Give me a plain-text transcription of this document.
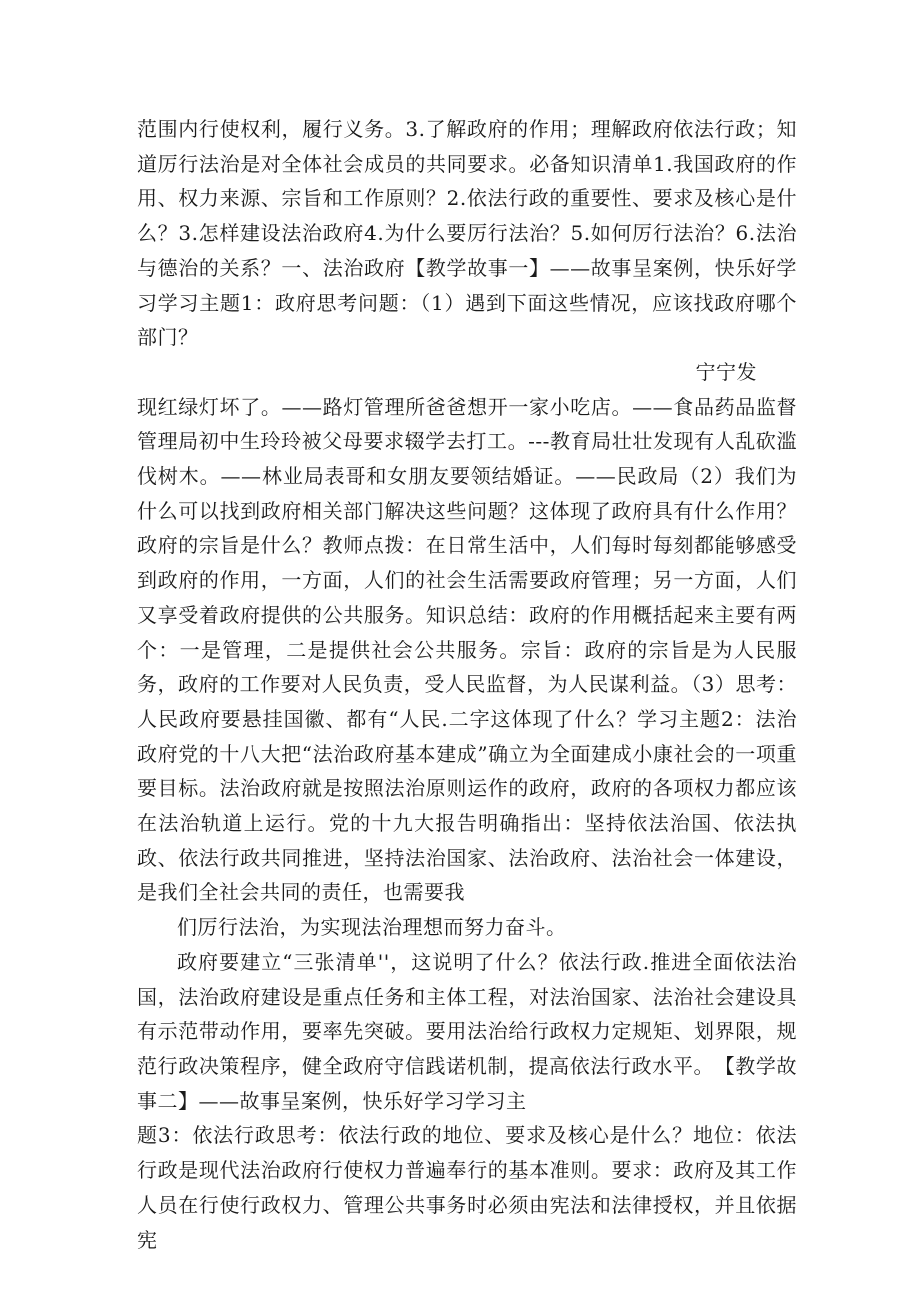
范围内行使权利，履行义务。3.了解政府的作用；理解政府依法行政；知道厉行法治是对全体社会成员的共同要求。必备知识清单1.我国政府的作用、权力来源、宗旨和工作原则？2.依法行政的重要性、要求及核心是什么？3.怎样建设法治政府4.为什么要厉行法治？5.如何厉行法治？6.法治与德治的关系？一、法治政府【教学故事一】——故事呈案例，快乐好学习学习主题1：政府思考问题：（1）遇到下面这些情况，应该找政府哪个部门？

宁宁发

现红绿灯坏了。——路灯管理所爸爸想开一家小吃店。——食品药品监督管理局初中生玲玲被父母要求辍学去打工。---教育局壮壮发现有人乱砍滥伐树木。——林业局表哥和女朋友要领结婚证。——民政局（2）我们为什么可以找到政府相关部门解决这些问题？这体现了政府具有什么作用？政府的宗旨是什么？教师点拨：在日常生活中，人们每时每刻都能够感受到政府的作用，一方面，人们的社会生活需要政府管理；另一方面，人们又享受着政府提供的公共服务。知识总结：政府的作用概括起来主要有两个：一是管理，二是提供社会公共服务。宗旨：政府的宗旨是为人民服务，政府的工作要对人民负责，受人民监督，为人民谋利益。（3）思考：人民政府要悬挂国徽、都有“人民.二字这体现了什么？学习主题2：法治政府党的十八大把“法治政府基本建成”确立为全面建成小康社会的一项重要目标。法治政府就是按照法治原则运作的政府，政府的各项权力都应该在法治轨道上运行。党的十九大报告明确指出：坚持依法治国、依法执政、依法行政共同推进，坚持法治国家、法治政府、法治社会一体建设，是我们全社会共同的责任，也需要我

们厉行法治，为实现法治理想而努力奋斗。

政府要建立“三张清单''，这说明了什么？依法行政.推进全面依法治国，法治政府建设是重点任务和主体工程，对法治国家、法治社会建设具有示范带动作用，要率先突破。要用法治给行政权力定规矩、划界限，规范行政决策程序，健全政府守信践诺机制，提高依法行政水平。　【教学故事二】——故事呈案例，快乐好学习学习主

题3：依法行政思考：依法行政的地位、要求及核心是什么？地位：依法行政是现代法治政府行使权力普遍奉行的基本准则。要求：政府及其工作人员在行使行政权力、管理公共事务时必须由宪法和法律授权，并且依据宪
